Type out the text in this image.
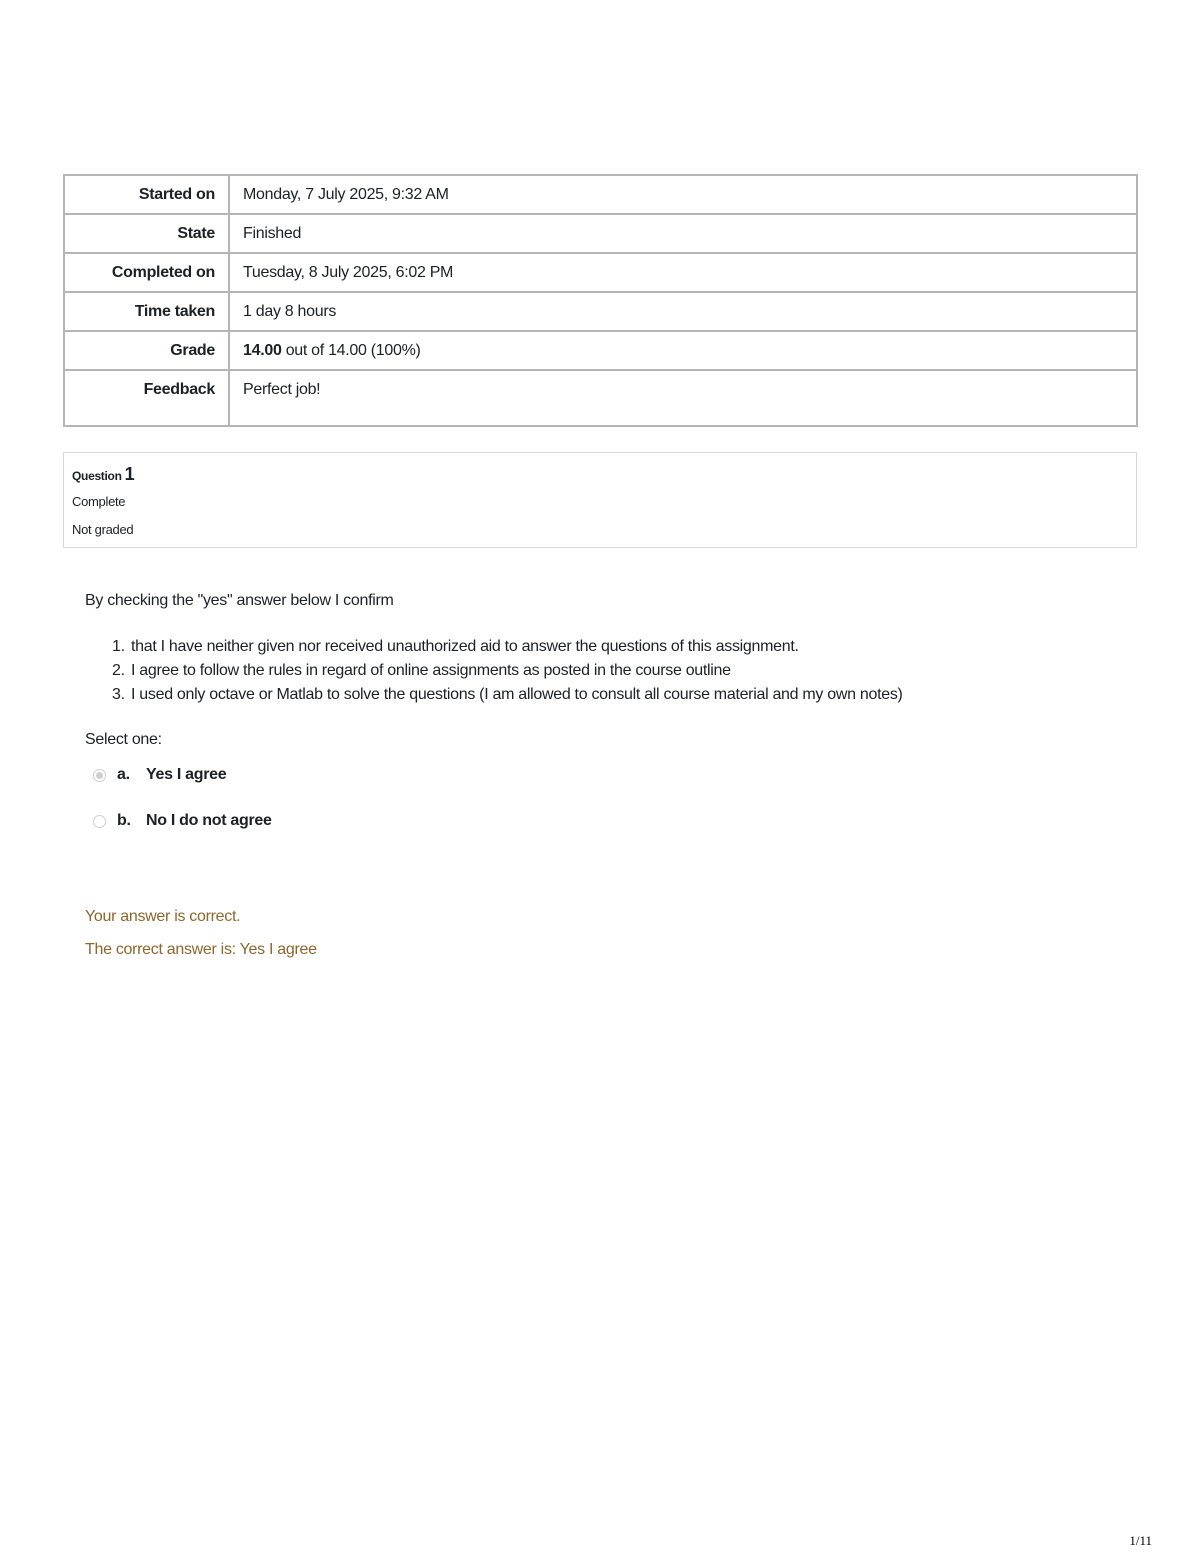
Started on	Monday, 7 July 2025, 9:32 AM
State	Finished
Completed on	Tuesday, 8 July 2025, 6:02 PM
Time taken	1 day 8 hours
Grade	14.00 out of 14.00 (100%)
Feedback	Perfect job!
Question 1
Complete
Not graded
By checking the "yes" answer below I confirm
1. that I have neither given nor received unauthorized aid to answer the questions of this assignment.
2. I agree to follow the rules in regard of online assignments as posted in the course outline
3. I used only octave or Matlab to solve the questions (I am allowed to consult all course material and my own notes)
Select one:
a.	Yes I agree
b. No I do not agree
Your answer is correct.
The correct answer is: Yes I agree
1/11
